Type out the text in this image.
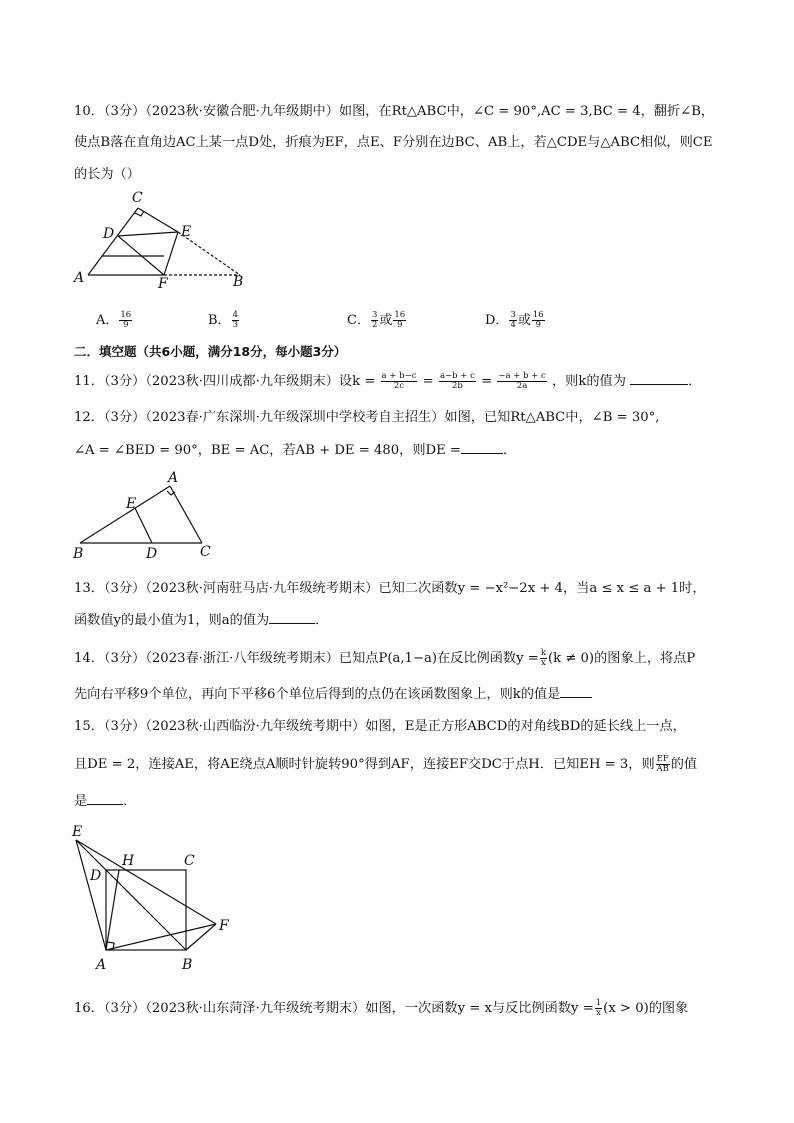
10．（3分）（2023秋·安徽合肥·九年级期中）如图，在Rt△ABC中，∠C = 90°,AC = 3,BC = 4，翻折∠B，
使点B落在直角边AC上某一点D处，折痕为EF，点E、F分别在边BC、AB上，若△CDE与△ABC相似，则CE
的长为（）
C
D	E
A	F	B
A． $\frac{16}{9}$	B． $\frac{4}{3}$	C． $\frac{3}{2}$ 或 $\frac{16}{9}$	D． $\frac{3}{4}$ 或 $\frac{16}{9}$
二．填空题（共6小题，满分18分，每小题3分）
11．（3分）（2023秋·四川成都·九年级期末）设$k = \frac{a + b-c}{2c} = \frac{a-b + c}{2b} = \frac{-a + b + c}{2a}$ ，则k的值为	．
12．（3分）（2023春·广东深圳·九年级深圳中学校考自主招生）如图，已知Rt△ABC中，∠B = 30°,
∠A = ∠BED = 90°，BE = AC，若AB + DE = 480，则DE =	．
A
E
B	D	C
13．（3分）（2023秋·河南驻马店·九年级统考期末）已知二次函数y = −x²−2x + 4，当a ≤ x ≤ a + 1时，
函数值y的最小值为1，则a的值为	．
14．（3分）（2023春·浙江·八年级统考期末）已知点P(a,1−a)在反比例函数$y = \frac{k}{x} (k \ne 0)$的图象上，将点P
先向右平移9个单位，再向下平移6个单位后得到的点仍在该函数图象上，则k的值是
15．（3分）（2023秋·山西临汾·九年级统考期中）如图，E是正方形ABCD的对角线BD的延长线上一点，
且DE = 2，连接AE，将AE绕点A顺时针旋转90°得到AF，连接EF交DC于点H．已知EH = 3，则 $\frac{EF}{AB}$ 的值
是	．
E
H	C
D
F
A	B
16．（3分）（2023秋·山东菏泽·九年级统考期末）如图，一次函数y = x与反比例函数$y = \frac{1}{x} (x > 0)$的图象
